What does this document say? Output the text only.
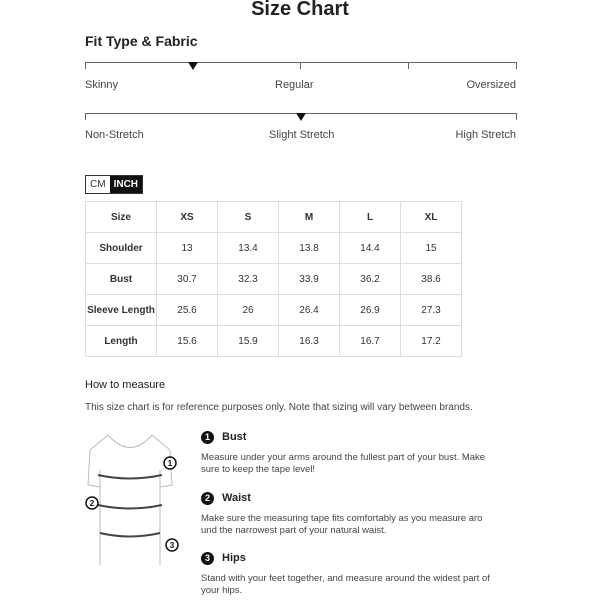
Size Chart
Fit Type & Fabric
Skinny	Regular	Oversized
Non-Stretch	Slight Stretch	High Stretch
CM INCH
Size	XS	S	M	L	XL
Shoulder	13	13.4	13.8	14.4	15
Bust	30.7	32.3	33.9	36.2	38.6
Sleeve Length	25.6	26	26.4	26.9	27.3
Length	15.6	15.9	16.3	16.7	17.2
How to measure
This size chart is for reference purposes only. Note that sizing will vary between brands.
1
2
3
1	Bust
Measure under your arms around the fullest part of your bust. Make sure to keep the tape level!
2	Waist
Make sure the measuring tape fits comfortably as you measure aro und the narrowest part of your natural waist.
3	Hips
Stand with your feet together, and measure around the widest part of your hips.
